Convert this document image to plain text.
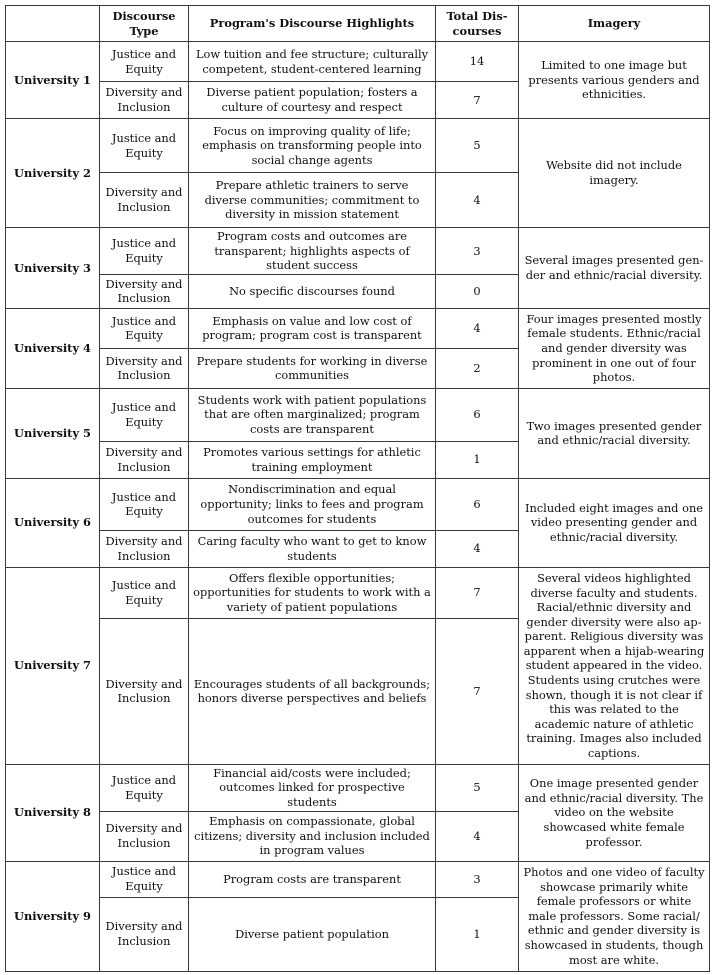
	Discourse Type	Program's Discourse Highlights	Total Discourses	Imagery
University 1	Justice and Equity	Low tuition and fee structure; culturally competent, student-centered learning	14	Limited to one image but presents various genders and ethnicities.
	Diversity and Inclusion	Diverse patient population; fosters a culture of courtesy and respect	7	
University 2	Justice and Equity	Focus on improving quality of life; emphasis on transforming people into social change agents	5	Website did not include imagery.
	Diversity and Inclusion	Prepare athletic trainers to serve diverse communities; commitment to diversity in mission statement	4	
University 3	Justice and Equity	Program costs and outcomes are transparent; highlights aspects of student success	3	Several images presented gender and ethnic/racial diversity.
	Diversity and Inclusion	No specific discourses found	0	
University 4	Justice and Equity	Emphasis on value and low cost of program; program cost is transparent	4	Four images presented mostly female students. Ethnic/racial and gender diversity was prominent in one out of four photos.
	Diversity and Inclusion	Prepare students for working in diverse communities	2	
University 5	Justice and Equity	Students work with patient populations that are often marginalized; program costs are transparent	6	Two images presented gender and ethnic/racial diversity.
	Diversity and Inclusion	Promotes various settings for athletic training employment	1	
University 6	Justice and Equity	Nondiscrimination and equal opportunity; links to fees and program outcomes for students	6	Included eight images and one video presenting gender and ethnic/racial diversity.
	Diversity and Inclusion	Caring faculty who want to get to know students	4	
University 7	Justice and Equity	Offers flexible opportunities; opportunities for students to work with a variety of patient populations	7	Several videos highlighted diverse faculty and students. Racial/ethnic diversity and gender diversity were also apparent. Religious diversity was apparent when a hijab-wearing student appeared in the video. Students using crutches were shown, though it is not clear if this was related to the academic nature of athletic training. Images also included captions.
	Diversity and Inclusion	Encourages students of all backgrounds; honors diverse perspectives and beliefs	7	
University 8	Justice and Equity	Financial aid/costs were included; outcomes linked for prospective students	5	One image presented gender and ethnic/racial diversity. The video on the website showcased white female professor.
	Diversity and Inclusion	Emphasis on compassionate, global citizens; diversity and inclusion included in program values	4	
University 9	Justice and Equity	Program costs are transparent	3	Photos and one video of faculty showcase primarily white female professors or white male professors. Some racial/ ethnic and gender diversity is showcased in students, though most are white.
	Diversity and Inclusion	Diverse patient population	1	
